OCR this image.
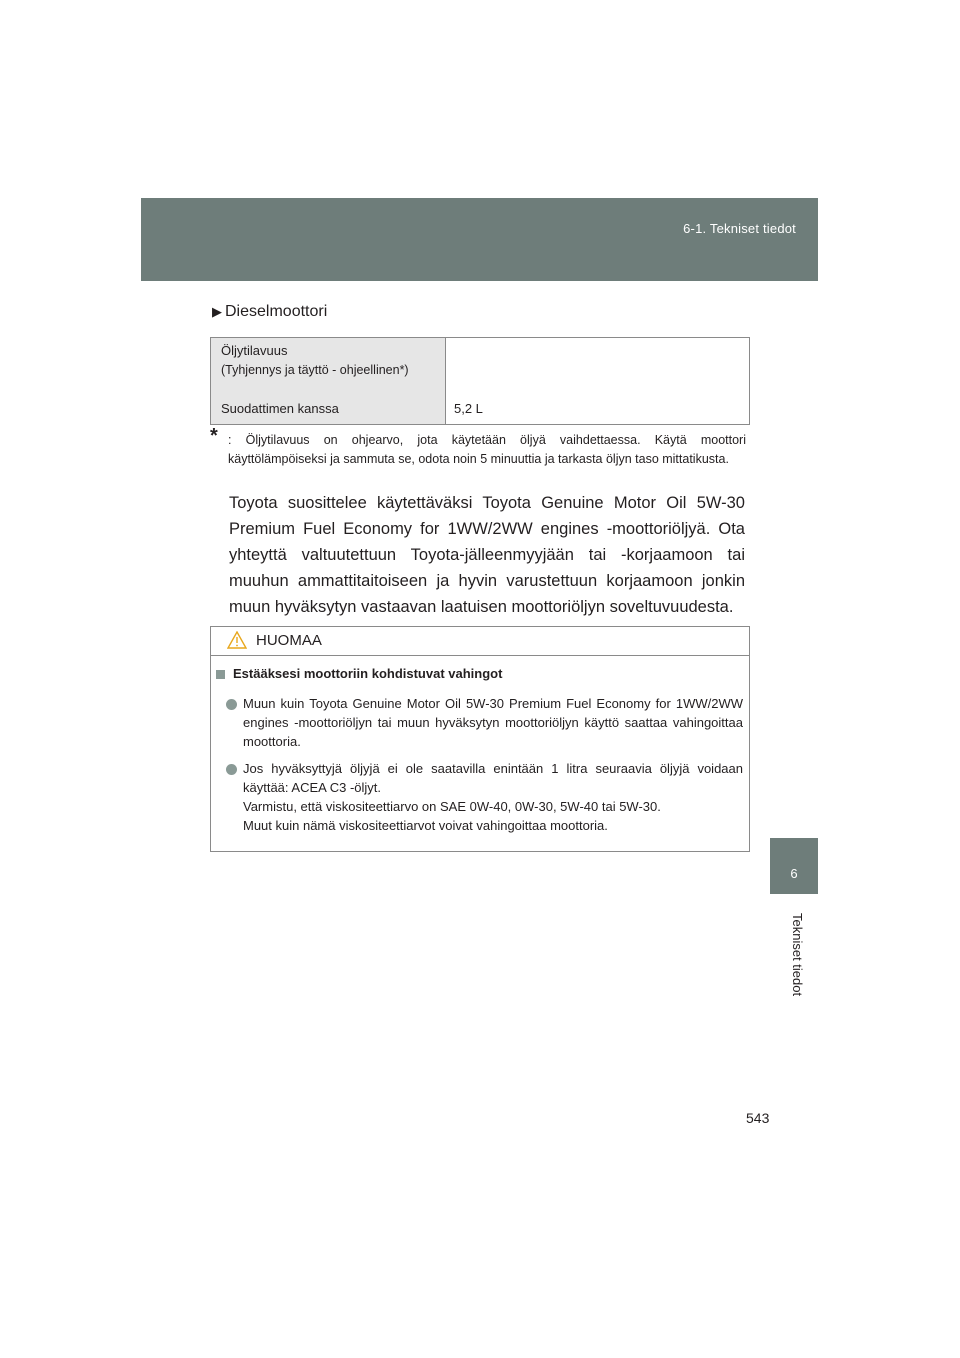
6-1. Tekniset tiedot
▶ Dieselmoottori
Öljytilavuus
(Tyhjennys ja täyttö - ohjeellinen*)
Suodattimen kanssa	5,2 L
* : Öljytilavuus on ohjearvo, jota käytetään öljyä vaihdettaessa. Käytä moottori käyttölämpöiseksi ja sammuta se, odota noin 5 minuuttia ja tarkasta öljyn taso mittatikusta.
Toyota suosittelee käytettäväksi Toyota Genuine Motor Oil 5W-30 Premium Fuel Economy for 1WW/2WW engines -moottoriöljyä. Ota yhteyttä valtuutettuun Toyota-jälleenmyyjään tai -korjaamoon tai muuhun ammattitaitoiseen ja hyvin varustettuun korjaamoon jonkin muun hyväksytyn vastaavan laatuisen moottoriöljyn soveltuvuudesta.
HUOMAA
Estääksesi moottoriin kohdistuvat vahingot
Muun kuin Toyota Genuine Motor Oil 5W-30 Premium Fuel Economy for 1WW/2WW engines -moottoriöljyn tai muun hyväksytyn moottoriöljyn käyttö saattaa vahingoittaa moottoria.
Jos hyväksyttyjä öljyjä ei ole saatavilla enintään 1 litra seuraavia öljyjä voidaan käyttää: ACEA C3 -öljyt.
Varmistu, että viskositeettiarvo on SAE 0W-40, 0W-30, 5W-40 tai 5W-30.
Muut kuin nämä viskositeettiarvot voivat vahingoittaa moottoria.
6
Tekniset tiedot
543
